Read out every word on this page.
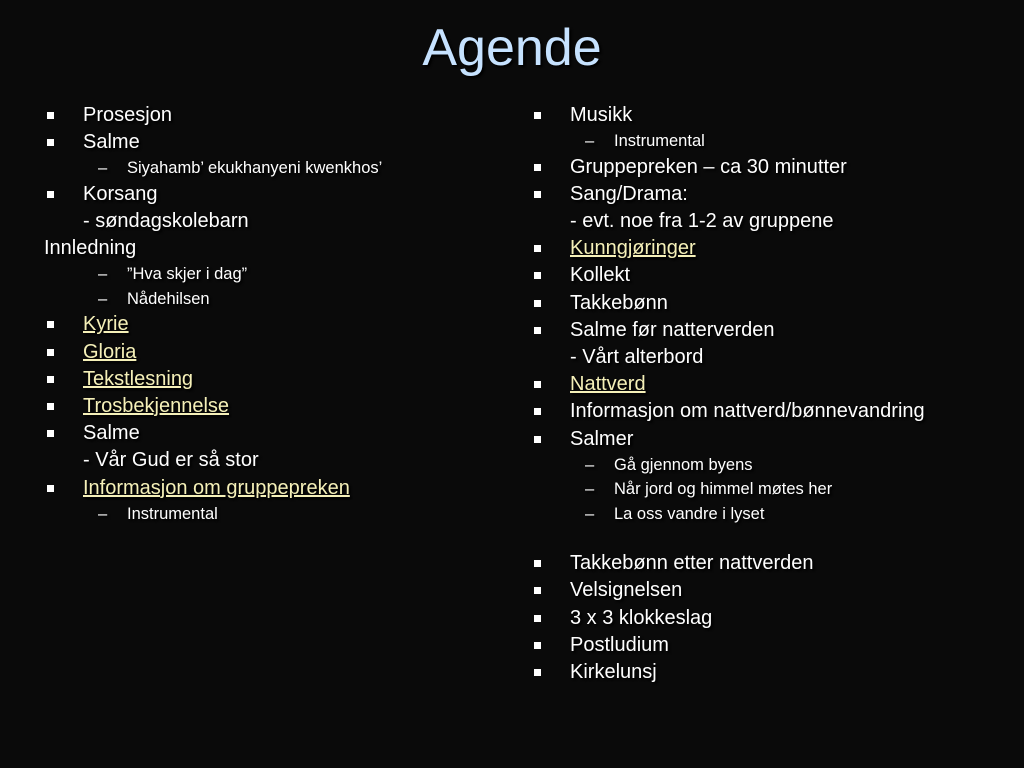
Agende
Prosesjon
Salme
– Siyahamb’ ekukhanyeni kwenkhos’
Korsang
- søndagskolebarn
Innledning
– ”Hva skjer i dag”
– Nådehilsen
Kyrie
Gloria
Tekstlesning
Trosbekjennelse
Salme
- Vår Gud er så stor
Informasjon om gruppepreken
– Instrumental
Musikk
– Instrumental
Gruppepreken – ca 30 minutter
Sang/Drama:
- evt. noe fra 1-2 av gruppene
Kunngjøringer
Kollekt
Takkebønn
Salme før natterverden
- Vårt alterbord
Nattverd
Informasjon om nattverd/bønnevandring
Salmer
– Gå gjennom byens
– Når jord og himmel møtes her
– La oss vandre i lyset
Takkebønn etter nattverden
Velsignelsen
3 x 3 klokkeslag
Postludium
Kirkelunsj
